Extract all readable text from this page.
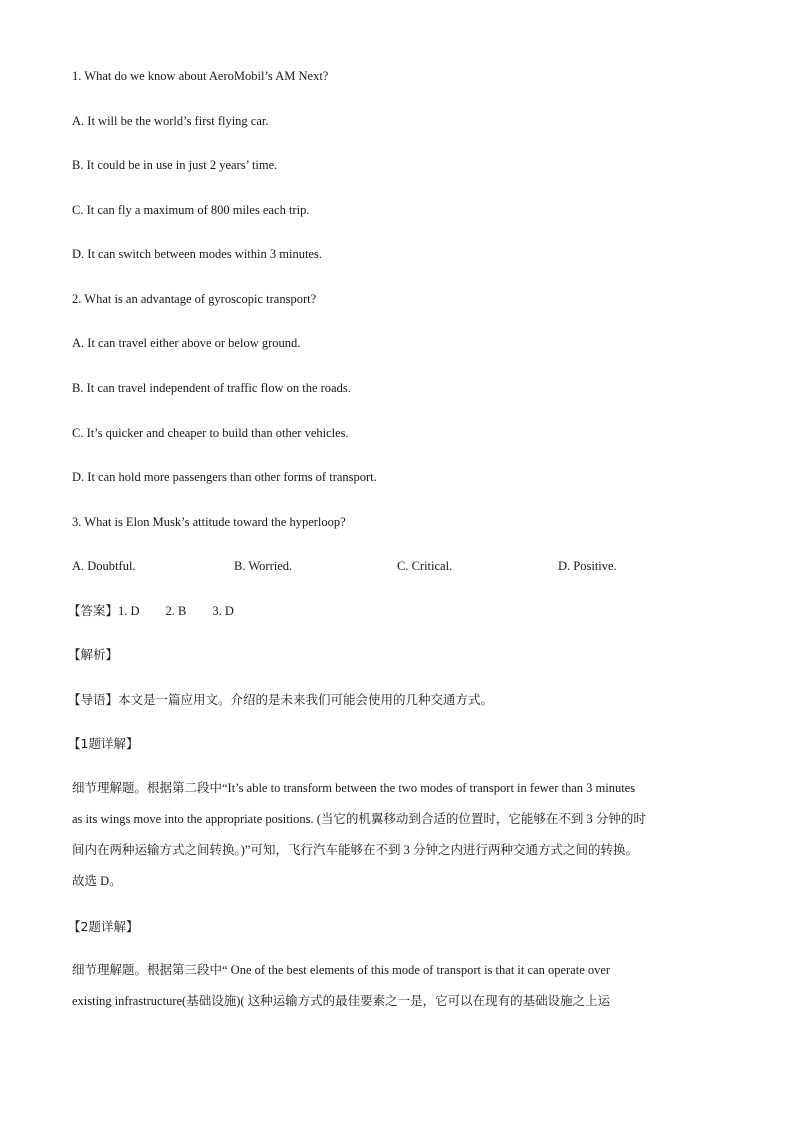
1. What do we know about AeroMobil’s AM Next?
A. It will be the world’s first flying car.
B. It could be in use in just 2 years’ time.
C. It can fly a maximum of 800 miles each trip.
D. It can switch between modes within 3 minutes.
2. What is an advantage of gyroscopic transport?
A. It can travel either above or below ground.
B. It can travel independent of traffic flow on the roads.
C. It’s quicker and cheaper to build than other vehicles.
D. It can hold more passengers than other forms of transport.
3. What is Elon Musk’s attitude toward the hyperloop?
A. Doubtful.	B. Worried.	C. Critical.	D. Positive.
【答案】1. D 2. B 3. D
【解析】
【导语】本文是一篇应用文。介绍的是未来我们可能会使用的几种交通方式。
【1题详解】
细节理解题。根据第二段中“It’s able to transform between the two modes of transport in fewer than 3 minutes
as its wings move into the appropriate positions. (当它的机翼移动到合适的位置时，它能够在不到 3 分钟的时
间内在两种运输方式之间转换。)”可知，飞行汽车能够在不到 3 分钟之内进行两种交通方式之间的转换。
故选 D。
【2题详解】
细节理解题。根据第三段中“ One of the best elements of this mode of transport is that it can operate over
existing infrastructure(基础设施)( 这种运输方式的最佳要素之一是，它可以在现有的基础设施之上运
